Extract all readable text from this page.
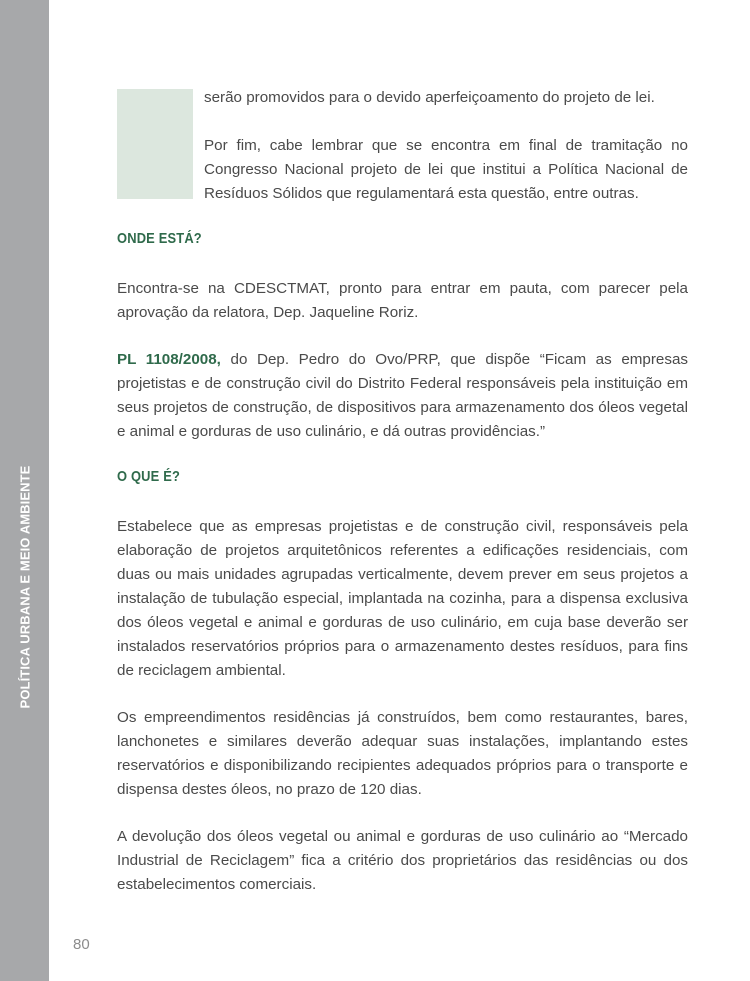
POLÍTICA URBANA E MEIO AMBIENTE

serão promovidos para o devido aperfeiçoamento do projeto de lei.

Por fim, cabe lembrar que se encontra em final de tramitação no Congresso Nacional projeto de lei que institui a Política Nacional de Resíduos Sólidos que regulamentará esta questão, entre outras.

ONDE ESTÁ?

Encontra-se na CDESCTMAT, pronto para entrar em pauta, com parecer pela aprovação da relatora, Dep. Jaqueline Roriz.

PL 1108/2008, do Dep. Pedro do Ovo/PRP, que dispõe “Ficam as empresas projetistas e de construção civil do Distrito Federal responsáveis pela instituição em seus projetos de construção, de dispositivos para armazenamento dos óleos vegetal e animal e gorduras de uso culinário, e dá outras providências.”

O QUE É?

Estabelece que as empresas projetistas e de construção civil, responsáveis pela elaboração de projetos arquitetônicos referentes a edificações residenciais, com duas ou mais unidades agrupadas verticalmente, devem prever em seus projetos a instalação de tubulação especial, implantada na cozinha, para a dispensa exclusiva dos óleos vegetal e animal e gorduras de uso culinário, em cuja base deverão ser instalados reservatórios próprios para o armazenamento destes resíduos, para fins de reciclagem ambiental.

Os empreendimentos residências já construídos, bem como restaurantes, bares, lanchonetes e similares deverão adequar suas instalações, implantando estes reservatórios e disponibilizando recipientes adequados próprios para o transporte e dispensa destes óleos, no prazo de 120 dias.

A devolução dos óleos vegetal ou animal e gorduras de uso culinário ao “Mercado Industrial de Reciclagem” fica a critério dos proprietários das residências ou dos estabelecimentos comerciais.

80
